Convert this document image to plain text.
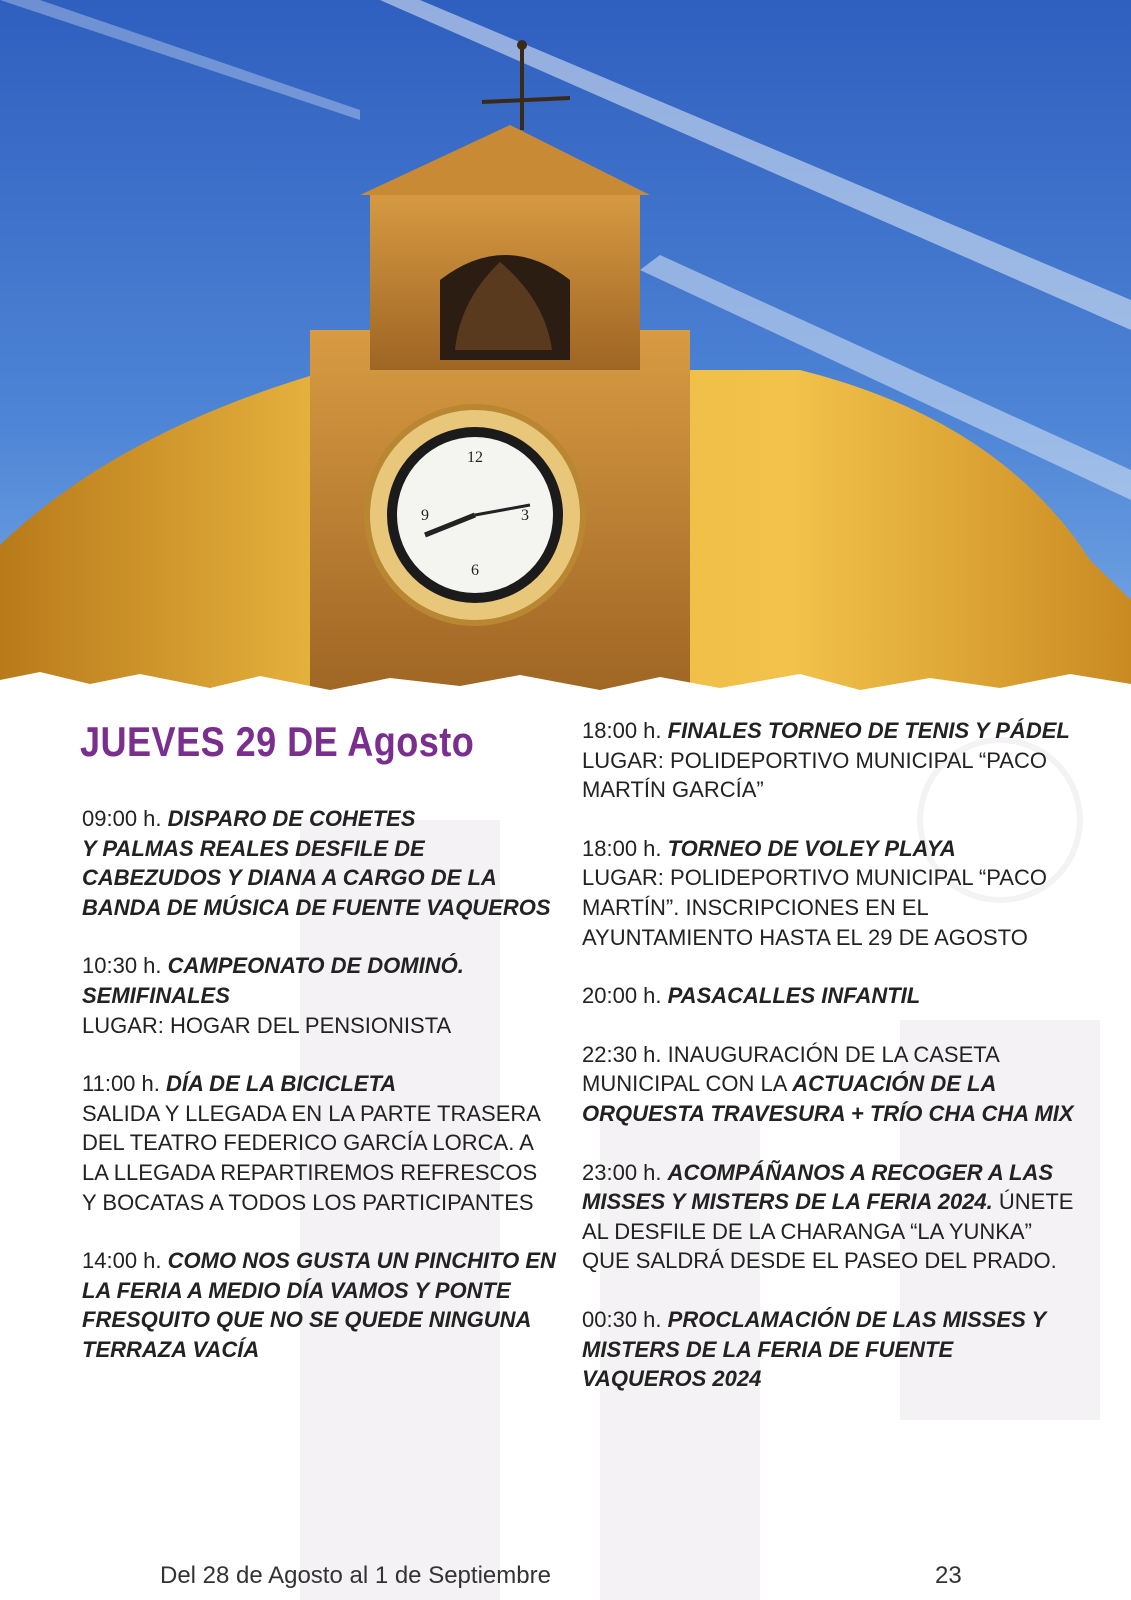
12
3
6
9
JUEVES 29 DE Agosto
09:00 h. DISPARO DE COHETES
Y PALMAS REALES DESFILE DE CABEZUDOS Y DIANA A CARGO DE LA BANDA DE MÚSICA DE FUENTE VAQUEROS
10:30 h. CAMPEONATO DE DOMINÓ. SEMIFINALES
LUGAR: HOGAR DEL PENSIONISTA
11:00 h. DÍA DE LA BICICLETA
SALIDA Y LLEGADA EN LA PARTE TRASERA DEL TEATRO FEDERICO GARCÍA LORCA. A LA LLEGADA REPARTIREMOS REFRESCOS
Y BOCATAS A TODOS LOS PARTICIPANTES
14:00 h. COMO NOS GUSTA UN PINCHITO EN LA FERIA A MEDIO DÍA VAMOS Y PONTE FRESQUITO QUE NO SE QUEDE NINGUNA TERRAZA VACÍA
18:00 h. FINALES TORNEO DE TENIS Y PÁDEL
LUGAR: POLIDEPORTIVO MUNICIPAL “PACO MARTÍN GARCÍA”
18:00 h. TORNEO DE VOLEY PLAYA
LUGAR: POLIDEPORTIVO MUNICIPAL “PACO MARTÍN”. INSCRIPCIONES EN EL AYUNTAMIENTO HASTA EL 29 DE AGOSTO
20:00 h. PASACALLES INFANTIL
22:30 h. INAUGURACIÓN DE LA CASETA MUNICIPAL CON LA ACTUACIÓN DE LA ORQUESTA TRAVESURA + TRÍO CHA CHA MIX
23:00 h. ACOMPÁÑANOS A RECOGER A LAS MISSES Y MISTERS DE LA FERIA 2024. ÚNETE AL DESFILE DE LA CHARANGA “LA YUNKA” QUE SALDRÁ DESDE EL PASEO DEL PRADO.
00:30 h. PROCLAMACIÓN DE LAS MISSES Y MISTERS DE LA FERIA DE FUENTE VAQUEROS 2024
Del 28 de Agosto al 1 de Septiembre	23
